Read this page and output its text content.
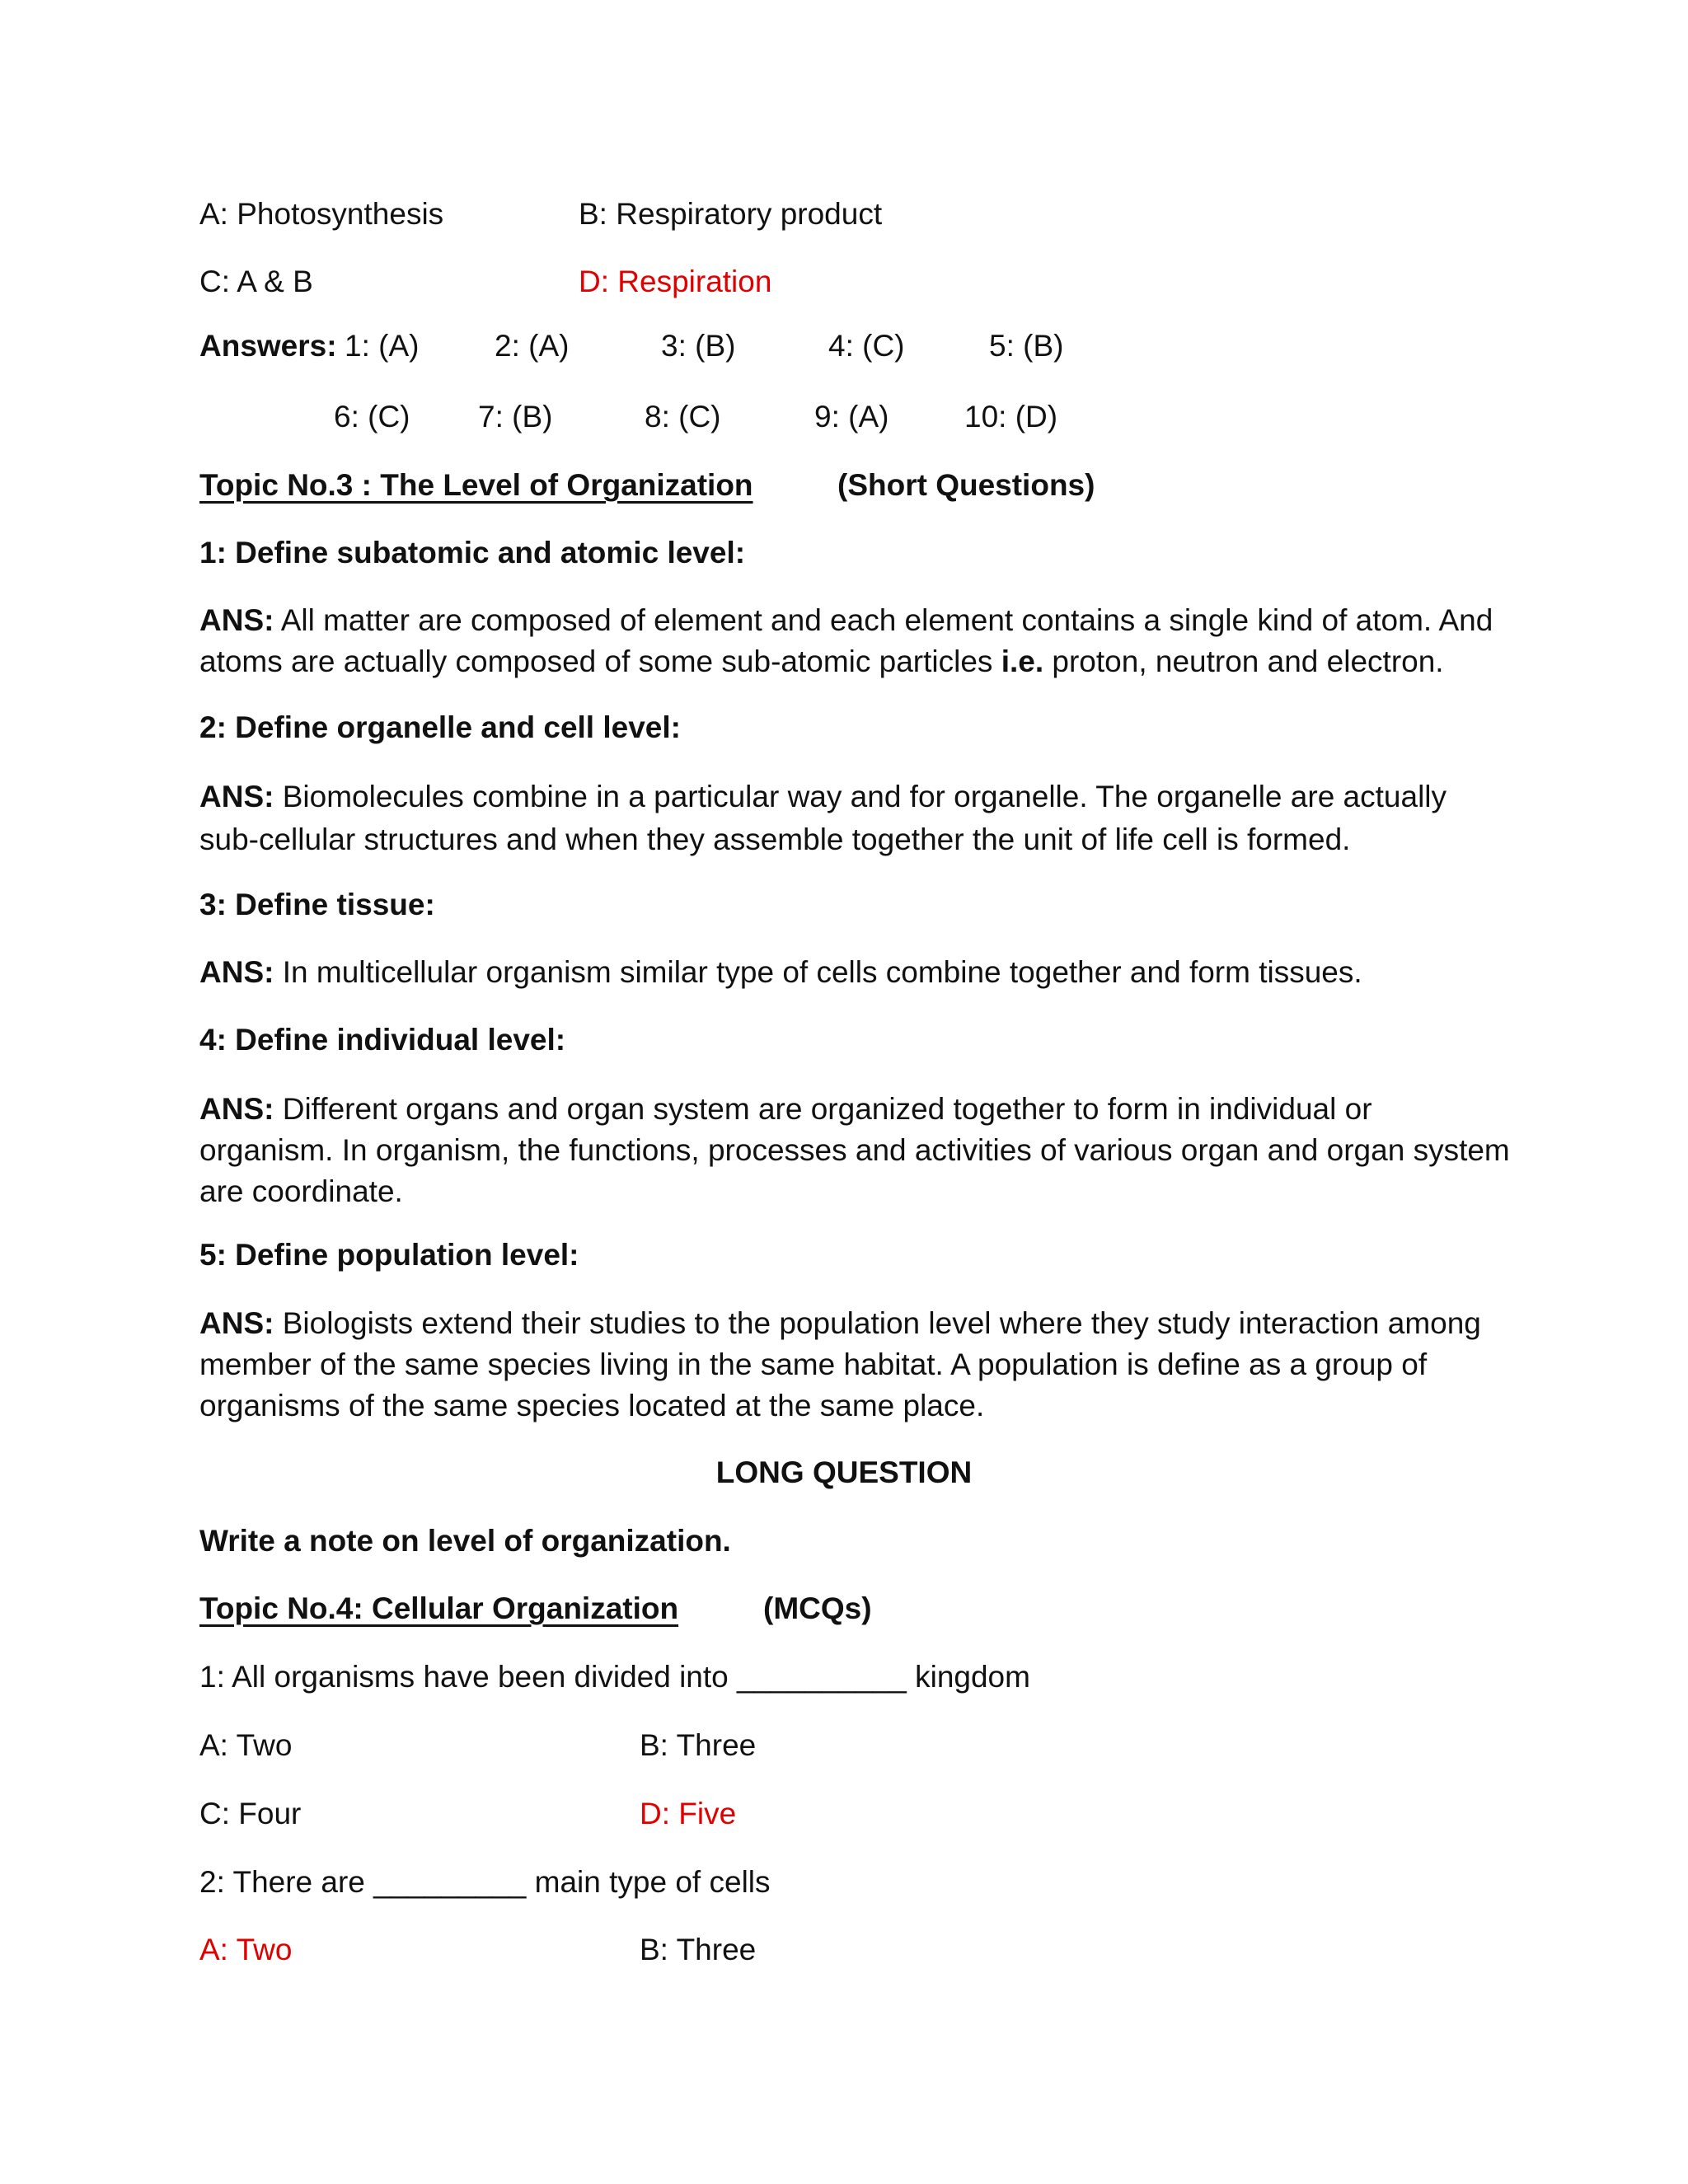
A: Photosynthesis	B: Respiratory product
C: A & B	D: Respiration
Answers: 1: (A) 2: (A)	3: (B)	4: (C)	5: (B)
6: (C) 7: (B)	8: (C)	9: (A) 10: (D)
Topic No.3 : The Level of Organization	(Short Questions)
1: Define subatomic and atomic level:
ANS: All matter are composed of element and each element contains a single kind of atom. And atoms are actually composed of some sub-atomic particles i.e. proton, neutron and electron.
2: Define organelle and cell level:
ANS: Biomolecules combine in a particular way and for organelle. The organelle are actually sub-cellular structures and when they assemble together the unit of life cell is formed.
3: Define tissue:
ANS: In multicellular organism similar type of cells combine together and form tissues.
4: Define individual level:
ANS: Different organs and organ system are organized together to form in individual or organism. In organism, the functions, processes and activities of various organ and organ system are coordinate.
5: Define population level:
ANS: Biologists extend their studies to the population level where they study interaction among member of the same species living in the same habitat. A population is define as a group of organisms of the same species located at the same place.
LONG QUESTION
Write a note on level of organization.
Topic No.4: Cellular Organization	(MCQs)
1: All organisms have been divided into __________ kingdom
A: Two	B: Three
C: Four	D: Five
2: There are _________ main type of cells
A: Two	B: Three
